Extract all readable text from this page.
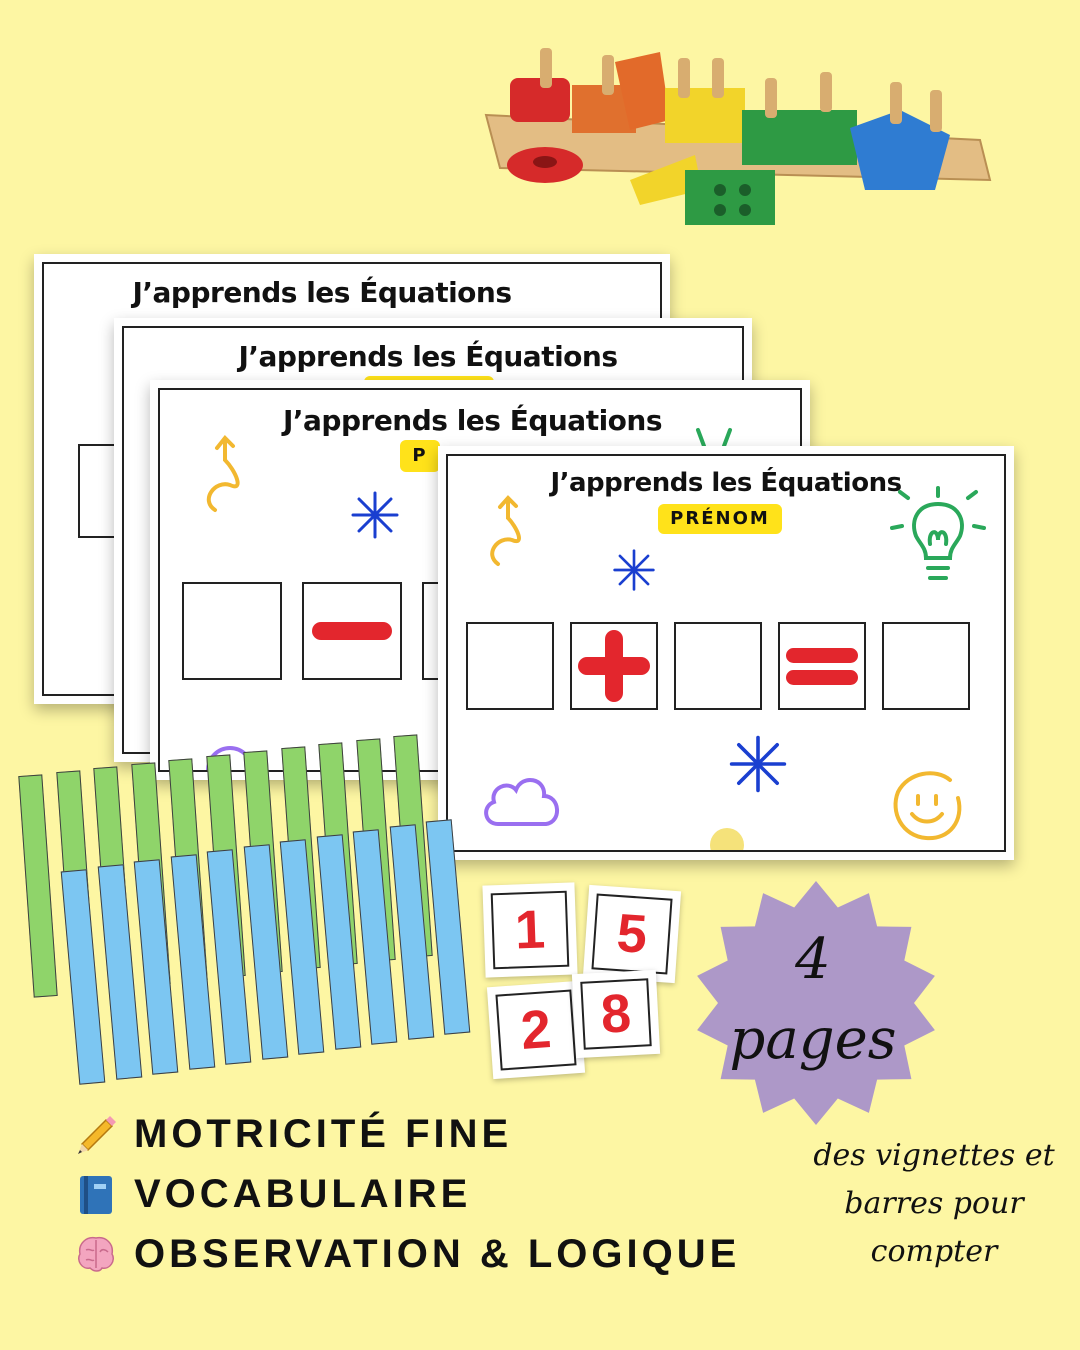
J’apprends les Équations
J’apprends les Équations
J’apprends les Équations
P
J’apprends les Équations
PRÉNOM
1	5
2 8
4
pages
des vignettes et barres pour compter
MOTRICITÉ FINE
VOCABULAIRE
OBSERVATION & LOGIQUE
